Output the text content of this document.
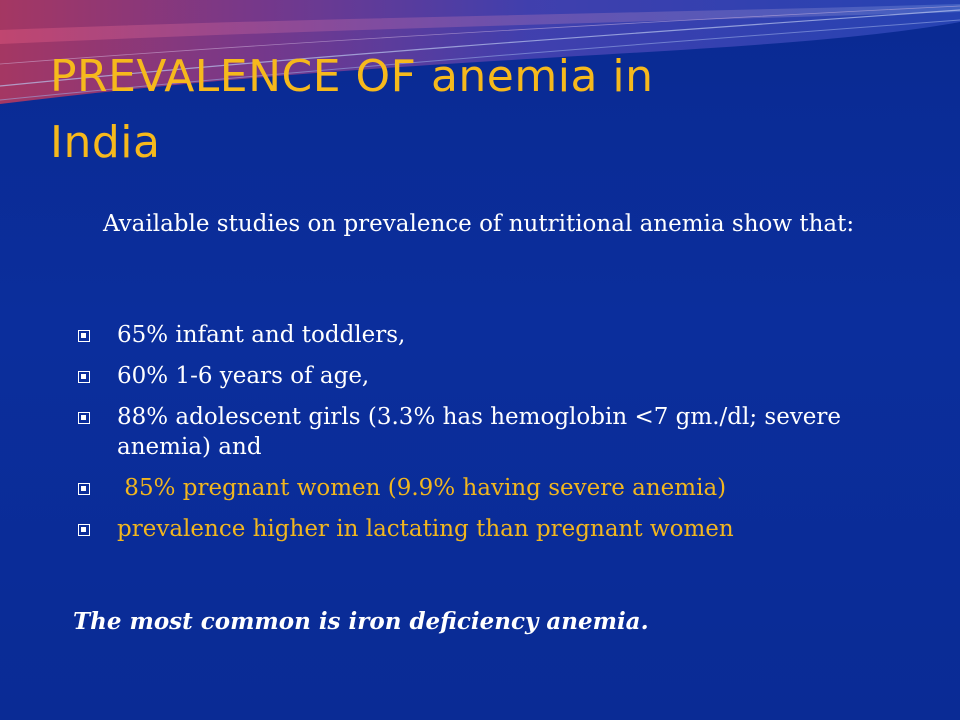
PREVALENCE OF anemia in
India

Available studies on prevalence of nutritional anemia show that:

65% infant and toddlers,
60% 1-6 years of age,
88% adolescent girls (3.3% has hemoglobin <7 gm./dl; severe anemia) and
85% pregnant women (9.9% having severe anemia)
prevalence higher in lactating than pregnant women

The most common is iron deficiency anemia.
